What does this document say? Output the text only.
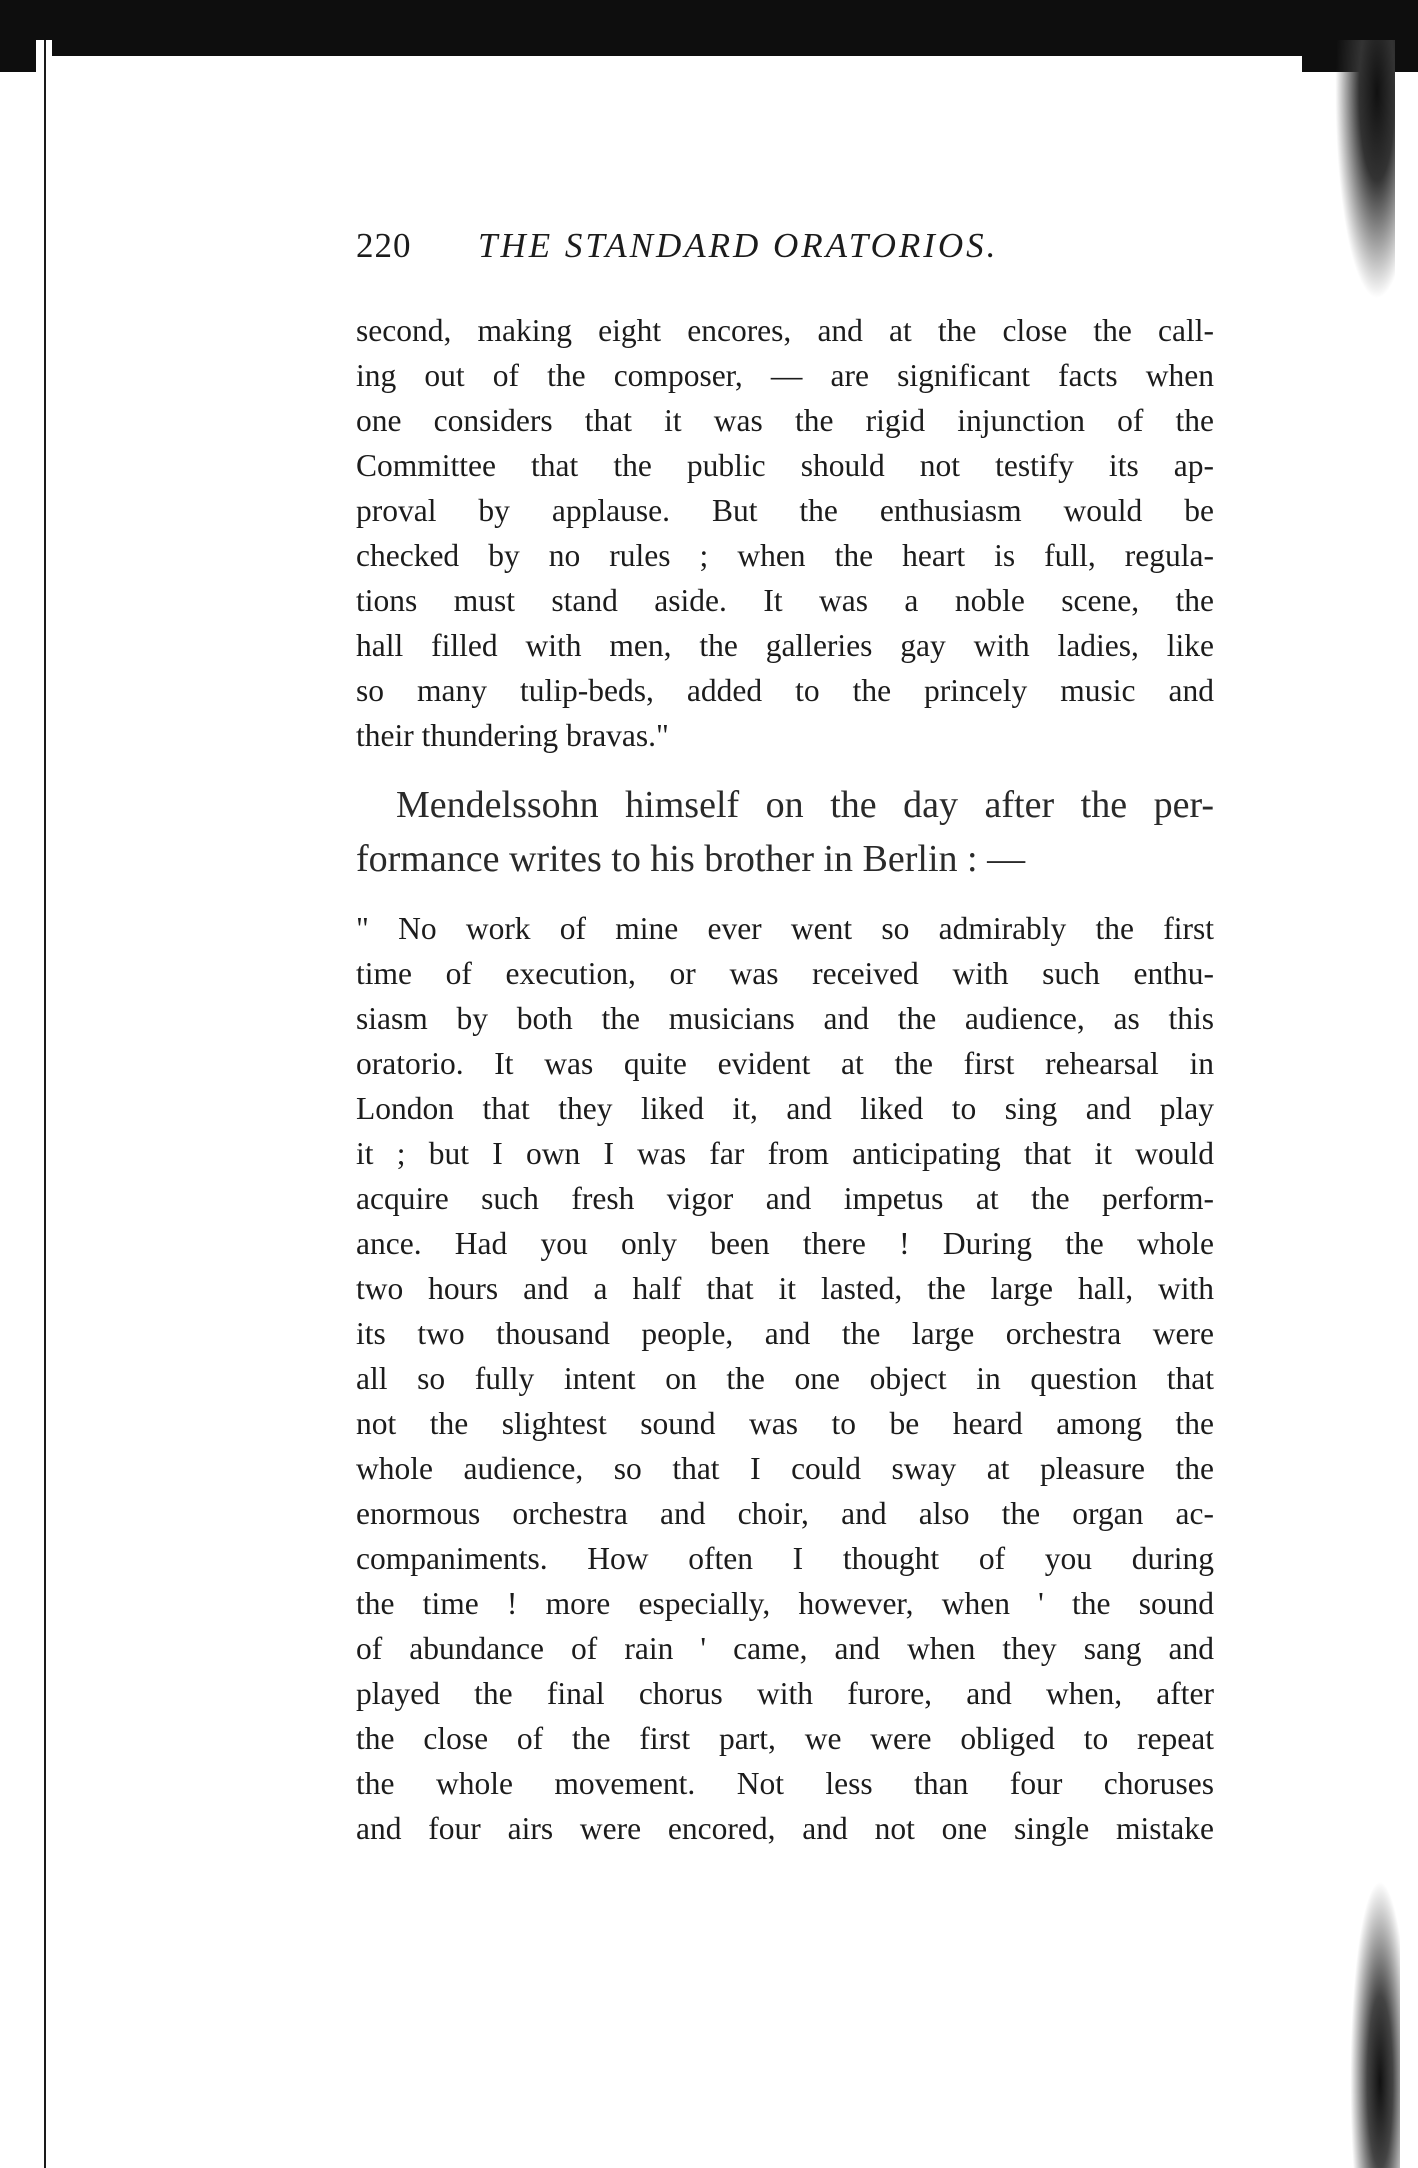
220 THE STANDARD ORATORIOS.
second, making eight encores, and at the close the call-
ing out of the composer, — are significant facts when
one considers that it was the rigid injunction of the
Committee that the public should not testify its ap-
proval by applause. But the enthusiasm would be
checked by no rules ; when the heart is full, regula-
tions must stand aside. It was a noble scene, the
hall filled with men, the galleries gay with ladies, like
so many tulip-beds, added to the princely music and
their thundering bravas."
Mendelssohn himself on the day after the per-
formance writes to his brother in Berlin : —
" No work of mine ever went so admirably the first
time of execution, or was received with such enthu-
siasm by both the musicians and the audience, as this
oratorio. It was quite evident at the first rehearsal in
London that they liked it, and liked to sing and play
it ; but I own I was far from anticipating that it would
acquire such fresh vigor and impetus at the perform-
ance. Had you only been there ! During the whole
two hours and a half that it lasted, the large hall, with
its two thousand people, and the large orchestra were
all so fully intent on the one object in question that
not the slightest sound was to be heard among the
whole audience, so that I could sway at pleasure the
enormous orchestra and choir, and also the organ ac-
companiments. How often I thought of you during
the time ! more especially, however, when ' the sound
of abundance of rain ' came, and when they sang and
played the final chorus with furore, and when, after
the close of the first part, we were obliged to repeat
the whole movement. Not less than four choruses
and four airs were encored, and not one single mistake
